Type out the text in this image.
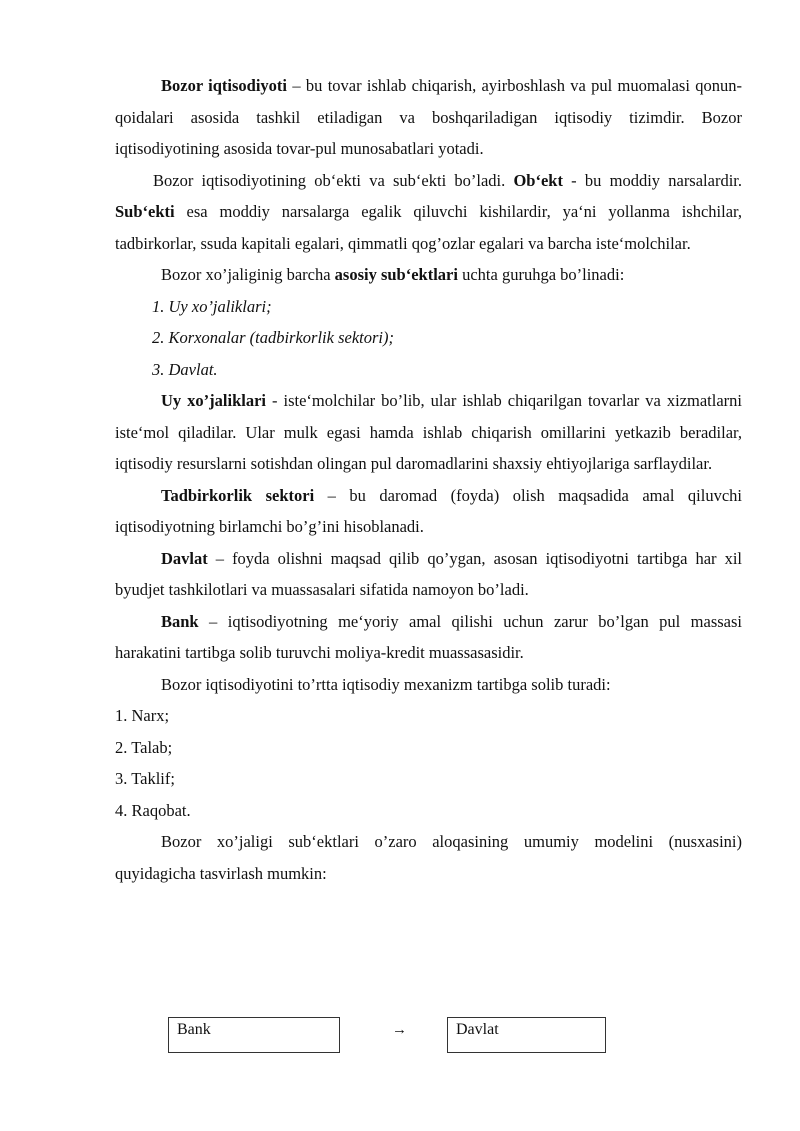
Bozor iqtisodiyoti – bu tovar ishlab chiqarish, ayirboshlash va pul muomalasi qonun-qoidalari asosida tashkil etiladigan va boshqariladigan iqtisodiy tizimdir. Bozor iqtisodiyotining asosida tovar-pul munosabatlari yotadi.

Bozor iqtisodiyotining ob‘ekti va sub‘ekti bo’ladi. Ob‘ekt - bu moddiy narsalardir. Sub‘ekti esa moddiy narsalarga egalik qiluvchi kishilardir, ya‘ni yollanma ishchilar, tadbirkorlar, ssuda kapitali egalari, qimmatli qog’ozlar egalari va barcha iste‘molchilar.

Bozor xo’jaliginig barcha asosiy sub‘ektlari uchta guruhga bo’linadi:

1. Uy xo’jaliklari;
2. Korxonalar (tadbirkorlik sektori);
3. Davlat.

Uy xo’jaliklari - iste‘molchilar bo’lib, ular ishlab chiqarilgan tovarlar va xizmatlarni iste‘mol qiladilar. Ular mulk egasi hamda ishlab chiqarish omillarini yetkazib beradilar, iqtisodiy resurslarni sotishdan olingan pul daromadlarini shaxsiy ehtiyojlariga sarflaydilar.

Tadbirkorlik sektori – bu daromad (foyda) olish maqsadida amal qiluvchi iqtisodiyotning birlamchi bo’g’ini hisoblanadi.

Davlat – foyda olishni maqsad qilib qo’ygan, asosan iqtisodiyotni tartibga har xil byudjet tashkilotlari va muassasalari sifatida namoyon bo’ladi.

Bank – iqtisodiyotning me‘yoriy amal qilishi uchun zarur bo’lgan pul massasi harakatini tartibga solib turuvchi moliya-kredit muassasasidir.

Bozor iqtisodiyotini to’rtta iqtisodiy mexanizm tartibga solib turadi:

1. Narx;
2. Talab;
3. Taklif;
4. Raqobat.

Bozor xo’jaligi sub‘ektlari o’zaro aloqasining umumiy modelini (nusxasini) quyidagicha tasvirlash mumkin:

Bank	→	Davlat
